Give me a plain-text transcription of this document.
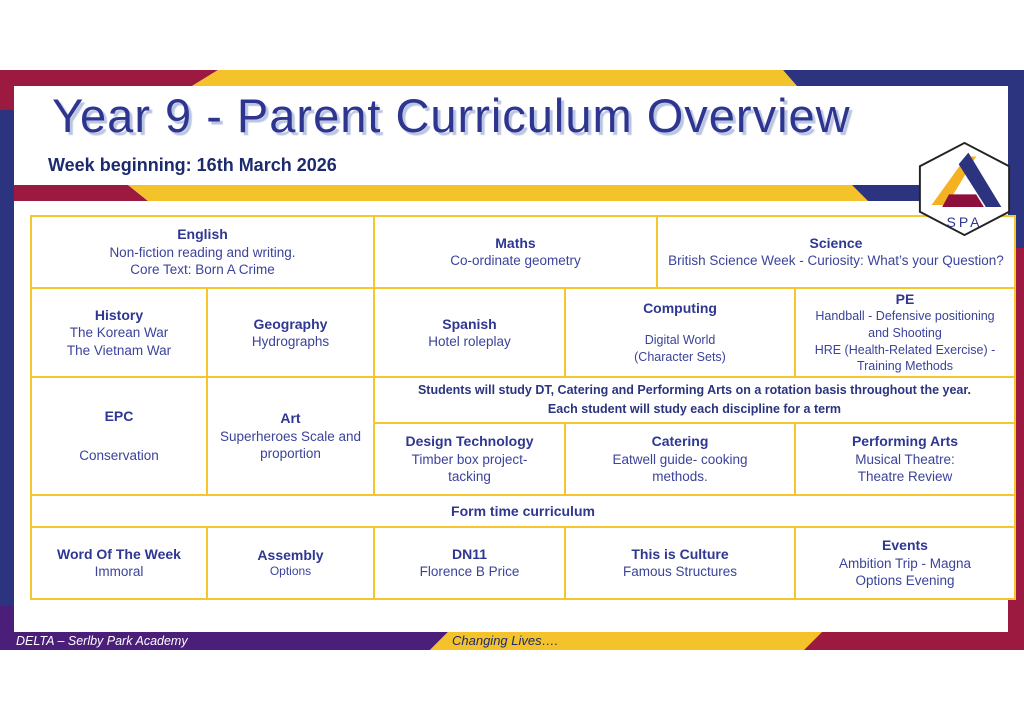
Year 9 - Parent Curriculum Overview
Week beginning: 16th March 2026
SPA
English
Non-fiction reading and writing.
Core Text: Born A Crime
Maths
Co-ordinate geometry
Science
British Science Week - Curiosity: What’s your Question?
History
The Korean War
The Vietnam War
Geography
Hydrographs
Spanish
Hotel roleplay
Computing
Digital World
(Character Sets)
PE
Handball - Defensive positioning and Shooting
HRE (Health-Related Exercise) - Training Methods
EPC
Conservation
Art
Superheroes Scale and proportion
Students will study DT, Catering and Performing Arts on a rotation basis throughout the year.
Each student will study each discipline for a term
Design Technology
Timber box project-
tacking
Catering
Eatwell guide- cooking
methods.
Performing Arts
Musical Theatre:
Theatre Review
Form time curriculum
Word Of The Week
Immoral
Assembly
Options
DN11
Florence B Price
This is Culture
Famous Structures
Events
Ambition Trip - Magna
Options Evening
DELTA – Serlby Park Academy	Changing Lives….
